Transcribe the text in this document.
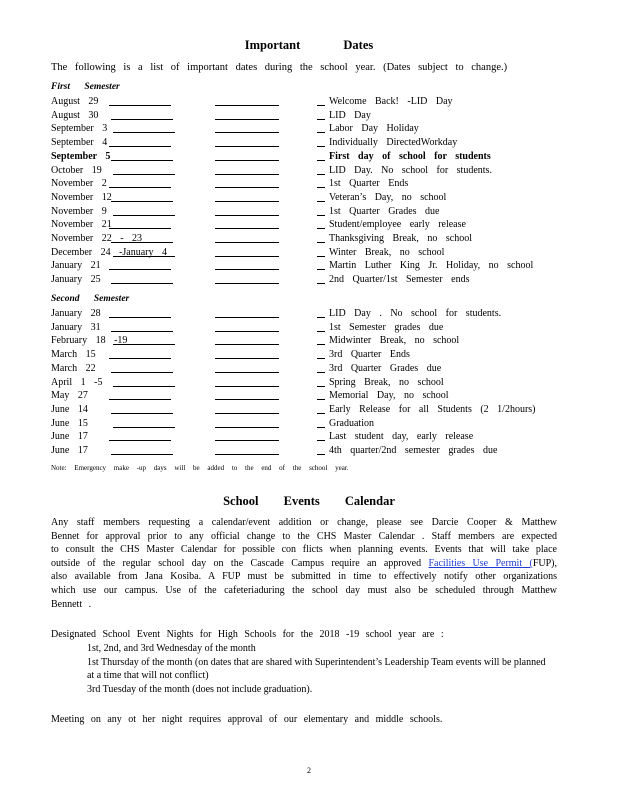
Important Dates
The following is a list of important dates during the school year. (Dates subject to change.)
First Semester
August 29	Welcome Back! -LID Day
August 30	LID Day
September 3	Labor Day Holiday
September 4	Individually DirectedWorkday
September 5	First day of school for students
October 19	LID Day. No school for students.
November 2	1st Quarter Ends
November 12	Veteran’s Day, no school
November 9	1st Quarter Grades due
November 21	Student/employee early release
November 22 - 23	Thanksgiving Break, no school
December 24 -January 4	Winter Break, no school
January 21	Martin Luther King Jr. Holiday, no school
January 25	2nd Quarter/1st Semester ends
Second Semester
January 28	LID Day . No school for students.
January 31	1st Semester grades due
February 18 -19	Midwinter Break, no school
March 15	3rd Quarter Ends
March 22	3rd Quarter Grades due
April 1 -5	Spring Break, no school
May 27	Memorial Day, no school
June 14	Early Release for all Students (2 1/2hours)
June 15	Graduation
June 17	Last student day, early release
June 17	4th quarter/2nd semester grades due
Note: Emergency make -up days will be added to the end of the school year.
School Events Calendar
Any staff members requesting a calendar/event addition or change, please see Darcie Cooper & Matthew Bennet for approval prior to any official change to the CHS Master Calendar . Staff members are expected to consult the CHS Master Calendar for possible con flicts when planning events. Events that will take place outside of the regular school day on the Cascade Campus require an approved Facilities Use Permit (FUP), also available from Jana Kosiba. A FUP must be submitted in time to effectively notify other organizations which use our campus. Use of the cafeteriaduring the school day must also be scheduled through Matthew Bennett .
Designated School Event Nights for High Schools for the 2018 -19 school year are :
1st, 2nd, and 3rd Wednesday of the month
1st Thursday of the month (on dates that are shared with Superintendent’s Leadership Team events will be planned at a time that will not conflict)
3rd Tuesday of the month (does not include graduation).
Meeting on any ot her night requires approval of our elementary and middle schools.
2
